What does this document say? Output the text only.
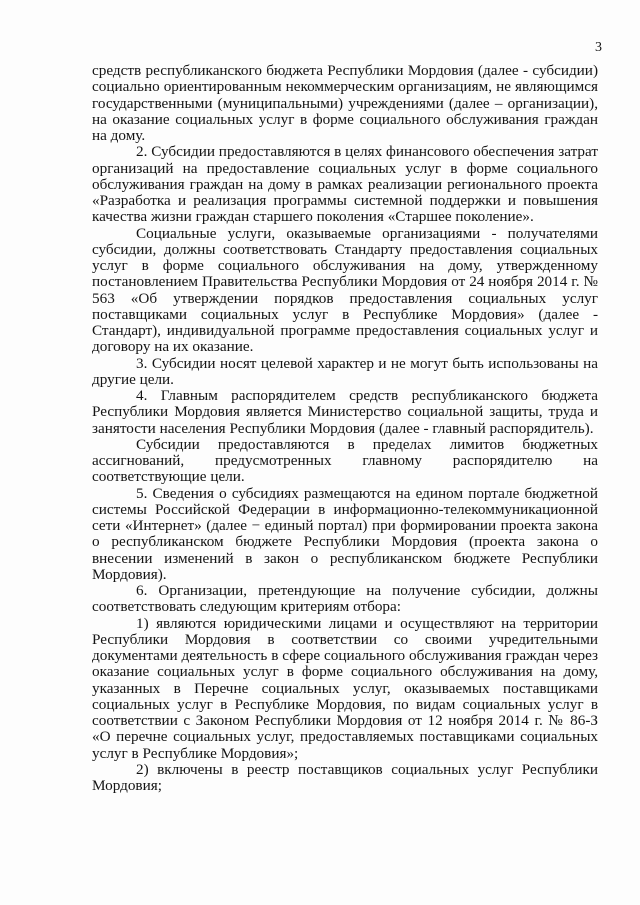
3

средств республиканского бюджета Республики Мордовия (далее - субсидии) социально ориентированным некоммерческим организациям, не являющимся государственными (муниципальными) учреждениями (далее – организации), на оказание социальных услуг в форме социального обслуживания граждан на дому.

2. Субсидии предоставляются в целях финансового обеспечения затрат организаций на предоставление социальных услуг в форме социального обслуживания граждан на дому в рамках реализации регионального проекта «Разработка и реализация программы системной поддержки и повышения качества жизни граждан старшего поколения «Старшее поколение».

Социальные услуги, оказываемые организациями - получателями субсидии, должны соответствовать Стандарту предоставления социальных услуг в форме социального обслуживания на дому, утвержденному постановлением Правительства Республики Мордовия от 24 ноября 2014 г. № 563 «Об утверждении порядков предоставления социальных услуг поставщиками социальных услуг в Республике Мордовия» (далее - Стандарт), индивидуальной программе предоставления социальных услуг и договору на их оказание.

3. Субсидии носят целевой характер и не могут быть использованы на другие цели.

4. Главным распорядителем средств республиканского бюджета Республики Мордовия является Министерство социальной защиты, труда и занятости населения Республики Мордовия (далее - главный распорядитель).

Субсидии предоставляются в пределах лимитов бюджетных ассигнований, предусмотренных главному распорядителю на соответствующие цели.

5. Сведения о субсидиях размещаются на едином портале бюджетной системы Российской Федерации в информационно-телекоммуникационной сети «Интернет» (далее − единый портал) при формировании проекта закона о республиканском бюджете Республики Мордовия (проекта закона о внесении изменений в закон о республиканском бюджете Республики Мордовия).

6. Организации, претендующие на получение субсидии, должны соответствовать следующим критериям отбора:

1) являются юридическими лицами и осуществляют на территории Республики Мордовия в соответствии со своими учредительными документами деятельность в сфере социального обслуживания граждан через оказание социальных услуг в форме социального обслуживания на дому, указанных в Перечне социальных услуг, оказываемых поставщиками социальных услуг в Республике Мордовия, по видам социальных услуг в соответствии с Законом Республики Мордовия от 12 ноября 2014 г. № 86-З «О перечне социальных услуг, предоставляемых поставщиками социальных услуг в Республике Мордовия»;

2) включены в реестр поставщиков социальных услуг Республики Мордовия;
